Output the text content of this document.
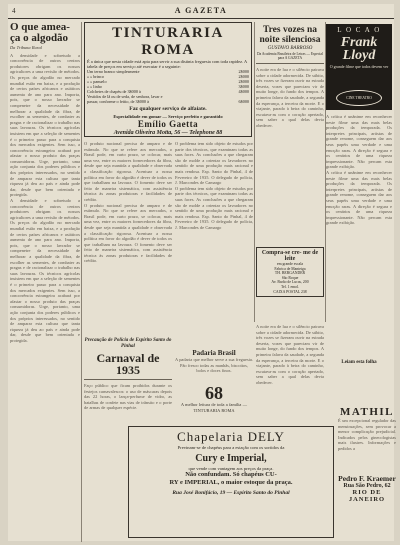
4	A GAZETA
O que amea- ça o algodão
Da Tribuna Rural
A densidade e sobretudo a concorrência de outros centros produtores obrigam os nossos agricultores a uma revisão de métodos. Os preços do algodão no mercado mundial estão em baixa, e a produção de certos países africanos e asiáticos aumenta de ano para ano. Importa, pois, que o nosso lavrador se compenetre da necessidade de melhorar a qualidade da fibra, de escolher as sementes, de combater as pragas e de racionalizar o trabalho nas suas lavouras. Os técnicos agrícolas insistem em que a seleção de sementes é o primeiro passo para a conquista dos mercados exigentes. Sem isso, a concorrência estrangeira acabará por afastar o nosso produto das praças consumidoras. Urge, portanto, uma ação conjunta dos poderes públicos e dos próprios interessados, no sentido de amparar esta cultura que tanta riqueza já deu ao país e ainda pode dar, desde que bem orientada e protegida.
A densidade e sobretudo a concorrência de outros centros produtores obrigam os nossos agricultores a uma revisão de métodos. Os preços do algodão no mercado mundial estão em baixa, e a produção de certos países africanos e asiáticos aumenta de ano para ano. Importa, pois, que o nosso lavrador se compenetre da necessidade de melhorar a qualidade da fibra, de escolher as sementes, de combater as pragas e de racionalizar o trabalho nas suas lavouras. Os técnicos agrícolas insistem em que a seleção de sementes é o primeiro passo para a conquista dos mercados exigentes. Sem isso, a concorrência estrangeira acabará por afastar o nosso produto das praças consumidoras. Urge, portanto, uma ação conjunta dos poderes públicos e dos próprios interessados, no sentido de amparar esta cultura que tanta riqueza já deu ao país e ainda pode dar, desde que bem orientada e protegida.
TINTURARIA ROMA
É a única que nesta cidade está apta para servir a sua distinta freguesia com toda rapidez. A tabela de preços em serviço até executar é a seguinte:
Um terno branco simplesmente	2$000
» » brinco	2$000
» » panuelo	2$000
» » linho	3$000
Colchetes de chapéu de 3$000 à	4$000
Vestidos de lã ou de seda, de senhora, lavar e
passar, conforme o feitio, de 3$000 à	6$000
Faz qualquer serviço de alfaiate.
Especialidade em gomar — Serviço perfeito e garantido
Emílio Gaetta
Avenida Oliveira Motta, 56 — Telephone 88
O produto nacional precisa de amparo e de estímulo. No que se refere aos mercados, o Brasil pode, em curto prazo, se colocar, mais uma vez, entre os maiores fornecedores da fibra, desde que seja mantida a qualidade e observada a classificação rigorosa. Acentuar a nossa política em favor do algodão é dever de todos os que trabalham na lavoura. O fomento deve ser feito de maneira sistemática, com assistência técnica às zonas produtoras e facilidades de crédito.
O produto nacional precisa de amparo e de estímulo. No que se refere aos mercados, o Brasil pode, em curto prazo, se colocar, mais uma vez, entre os maiores fornecedores da fibra, desde que seja mantida a qualidade e observada a classificação rigorosa. Acentuar a nossa política em favor do algodão é dever de todos os que trabalham na lavoura. O fomento deve ser feito de maneira sistemática, com assistência técnica às zonas produtoras e facilidades de crédito.
O problema tem sido objeto de estudos por parte dos técnicos, que examinam todas as suas faces. As conclusões a que chegaram são de molde a orientar os lavradores no sentido de uma produção mais racional e mais rendosa. Esp. Santo do Pinhal, 4 de Fevereiro de 1935. O delegado de polícia, J. Marcondes de Camargo
O problema tem sido objeto de estudos por parte dos técnicos, que examinam todas as suas faces. As conclusões a que chegaram são de molde a orientar os lavradores no sentido de uma produção mais racional e mais rendosa. Esp. Santo do Pinhal, 4 de Fevereiro de 1935. O delegado de polícia, J. Marcondes de Camargo
Tres vozes na noite silenciosa
GUSTAVO BARROSO
Da Academia Brasileira de Letras — Especial para A GAZETA
A noite era de lua e o silêncio pairava sobre a cidade adormecida. De súbito, três vozes se fizeram ouvir na estrada deserta, vozes que pareciam vir de muito longe, do fundo dos tempos. A primeira falava da saudade, a segunda da esperança, a terceira da morte. E o viajante, parado à beira do caminho, escutava-as com o coração apertado, sem saber a qual delas devia obedecer.
L O C A O
Frank Lloyd
O grande filme que todos devem ver
CINE THEATRO
A crítica é unânime em reconhecer neste filme uma das mais belas produções da temporada. Os interpretes principais, artistas de grande renome, conseguem dar aos seus papéis uma verdade e uma emoção raras. A direção é segura e os cenários de uma riqueza impressionante. Não percam esta grande exibição.
A crítica é unânime em reconhecer neste filme uma das mais belas produções da temporada. Os interpretes principais, artistas de grande renome, conseguem dar aos seus papéis uma verdade e uma emoção raras. A direção é segura e os cenários de uma riqueza impressionante. Não percam esta grande exibição.
Compra-se cre- me de leite
em grande escala
Fabrica de Manteiga
TH. BERGANDER
São Roque
Av. Barão de Lucas, 200
Tel. 1 emol.
CAIXA POSTAL 238
A noite era de lua e o silêncio pairava sobre a cidade adormecida. De súbito, três vozes se fizeram ouvir na estrada deserta, vozes que pareciam vir de muito longe, do fundo dos tempos. A primeira falava da saudade, a segunda da esperança, a terceira da morte. E o viajante, parado à beira do caminho, escutava-as com o coração apertado, sem saber a qual delas devia obedecer.
Precaução de Polícia de Espírito Santo do Pinhal
Carnaval de 1935
Faço público que ficam proibidos durante os festejos carnavalescos: o uso de máscaras depois das 22 horas, o lança-perfume de vidro, as batalhas de confete nas vias de trânsito e o porte de armas de qualquer espécie.
Padaria Brasil
A padaria que melhor serve a sua freguesia. Pão fresco todas as manhãs, biscoitos, bolos e doces finos.
68
A melhor leitura de toda a família — TINTURARIA ROMA
Leiam esta folha
Chapelaria DELY
Previnam-se de chapéus para a estação com os sortidos da
Cury e Imperial,
que vende com vantagem aos preços da praça.
Não confundam. Só chapéus CU-
RY e IMPERIAL, o maior estoque da praça.
Rua José Bonifácio, 19 — Espírito Santo do Pinhal
MATHIL
É um excepcional regulador das menstruações, sem provocar a menor complicação prejudicial. Indicados pelos ginecologistas mais ilustres. Informações e pedidos a
Pedro F. Kraemer
Rua São Pedro, 62
RIO DE JANEIRO
